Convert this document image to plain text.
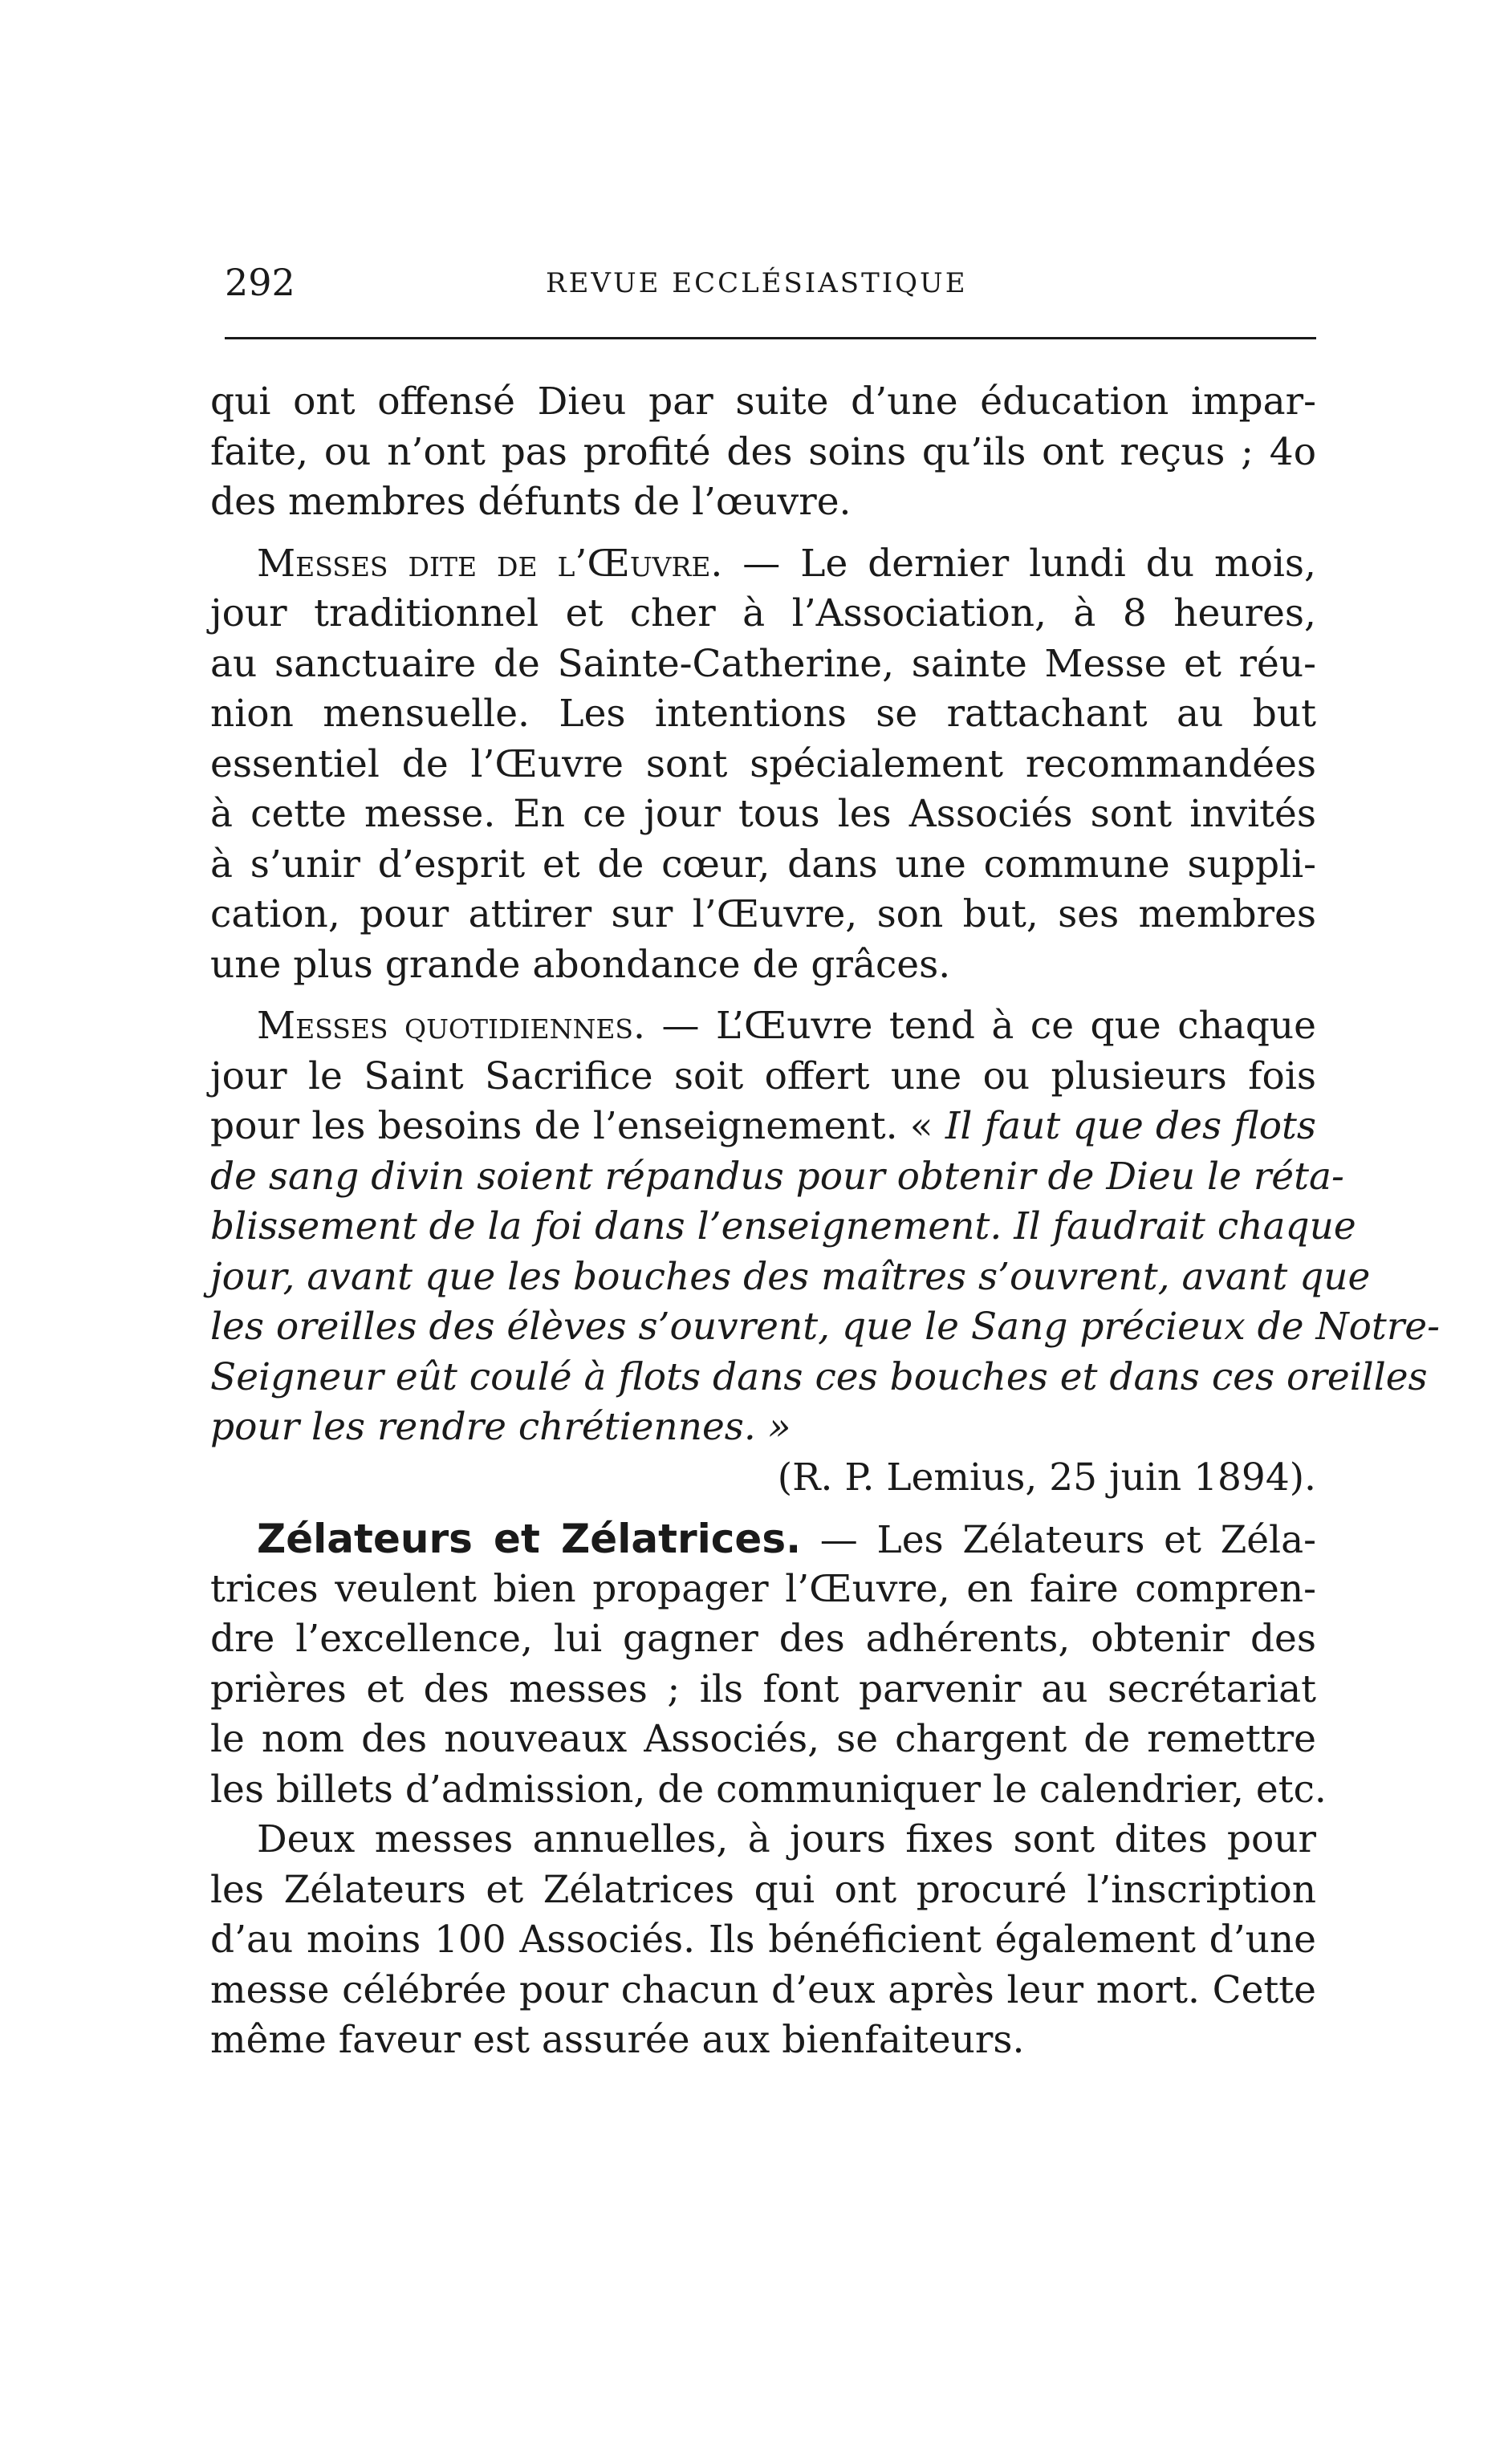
292	REVUE ECCLÉSIASTIQUE
qui ont offensé Dieu par suite d’une éducation impar-
faite, ou n’ont pas profité des soins qu’ils ont reçus ; 4o
des membres défunts de l’œuvre.
Messes dite de l’Œuvre. — Le dernier lundi du mois,
jour traditionnel et cher à l’Association, à 8 heures,
au sanctuaire de Sainte-Catherine, sainte Messe et réu-
nion mensuelle. Les intentions se rattachant au but
essentiel de l’Œuvre sont spécialement recommandées
à cette messe. En ce jour tous les Associés sont invités
à s’unir d’esprit et de cœur, dans une commune suppli-
cation, pour attirer sur l’Œuvre, son but, ses membres
une plus grande abondance de grâces.
Messes quotidiennes. — L’Œuvre tend à ce que chaque
jour le Saint Sacrifice soit offert une ou plusieurs fois
pour les besoins de l’enseignement. « Il faut que des flots
de sang divin soient répandus pour obtenir de Dieu le réta-
blissement de la foi dans l’enseignement. Il faudrait chaque
jour, avant que les bouches des maîtres s’ouvrent, avant que
les oreilles des élèves s’ouvrent, que le Sang précieux de Notre-
Seigneur eût coulé à flots dans ces bouches et dans ces oreilles
pour les rendre chrétiennes. »
(R. P. Lemius, 25 juin 1894).
Zélateurs et Zélatrices. — Les Zélateurs et Zéla-
trices veulent bien propager l’Œuvre, en faire compren-
dre l’excellence, lui gagner des adhérents, obtenir des
prières et des messes ; ils font parvenir au secrétariat
le nom des nouveaux Associés, se chargent de remettre
les billets d’admission, de communiquer le calendrier, etc.
Deux messes annuelles, à jours fixes sont dites pour
les Zélateurs et Zélatrices qui ont procuré l’inscription
d’au moins 100 Associés. Ils bénéficient également d’une
messe célébrée pour chacun d’eux après leur mort. Cette
même faveur est assurée aux bienfaiteurs.
